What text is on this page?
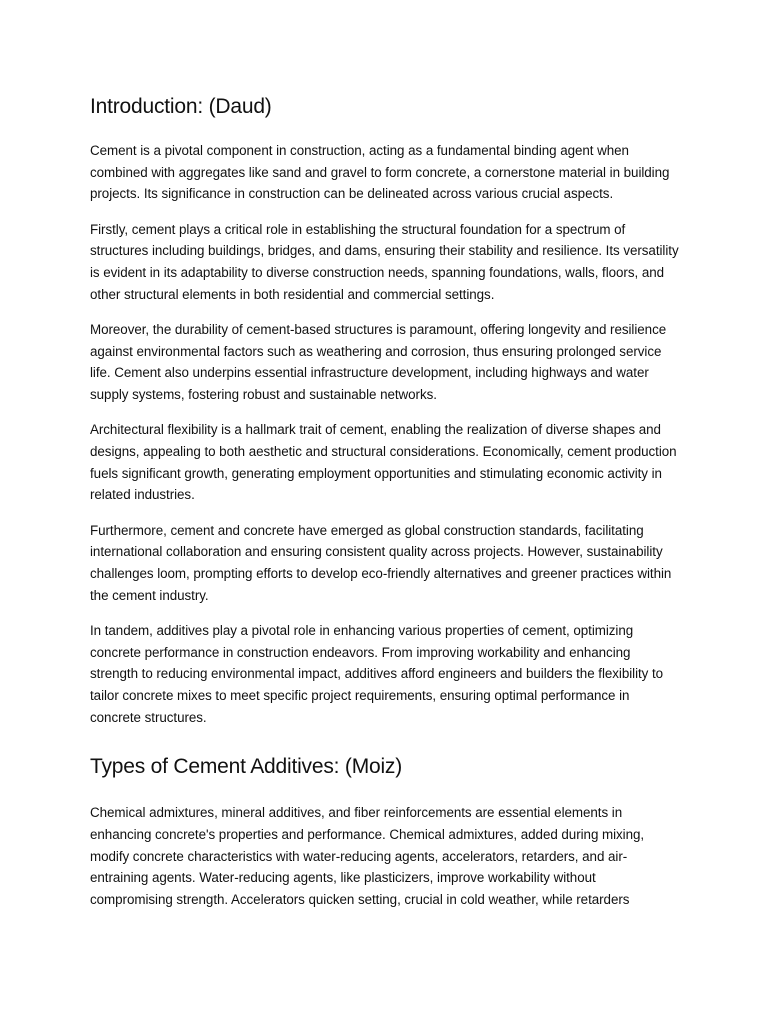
Introduction: (Daud)

Cement is a pivotal component in construction, acting as a fundamental binding agent when combined with aggregates like sand and gravel to form concrete, a cornerstone material in building projects. Its significance in construction can be delineated across various crucial aspects.

Firstly, cement plays a critical role in establishing the structural foundation for a spectrum of structures including buildings, bridges, and dams, ensuring their stability and resilience. Its versatility is evident in its adaptability to diverse construction needs, spanning foundations, walls, floors, and other structural elements in both residential and commercial settings.

Moreover, the durability of cement-based structures is paramount, offering longevity and resilience against environmental factors such as weathering and corrosion, thus ensuring prolonged service life. Cement also underpins essential infrastructure development, including highways and water supply systems, fostering robust and sustainable networks.

Architectural flexibility is a hallmark trait of cement, enabling the realization of diverse shapes and designs, appealing to both aesthetic and structural considerations. Economically, cement production fuels significant growth, generating employment opportunities and stimulating economic activity in related industries.

Furthermore, cement and concrete have emerged as global construction standards, facilitating international collaboration and ensuring consistent quality across projects. However, sustainability challenges loom, prompting efforts to develop eco-friendly alternatives and greener practices within the cement industry.

In tandem, additives play a pivotal role in enhancing various properties of cement, optimizing concrete performance in construction endeavors. From improving workability and enhancing strength to reducing environmental impact, additives afford engineers and builders the flexibility to tailor concrete mixes to meet specific project requirements, ensuring optimal performance in concrete structures.

Types of Cement Additives: (Moiz)

Chemical admixtures, mineral additives, and fiber reinforcements are essential elements in enhancing concrete's properties and performance. Chemical admixtures, added during mixing, modify concrete characteristics with water-reducing agents, accelerators, retarders, and air-entraining agents. Water-reducing agents, like plasticizers, improve workability without compromising strength. Accelerators quicken setting, crucial in cold weather, while retarders
